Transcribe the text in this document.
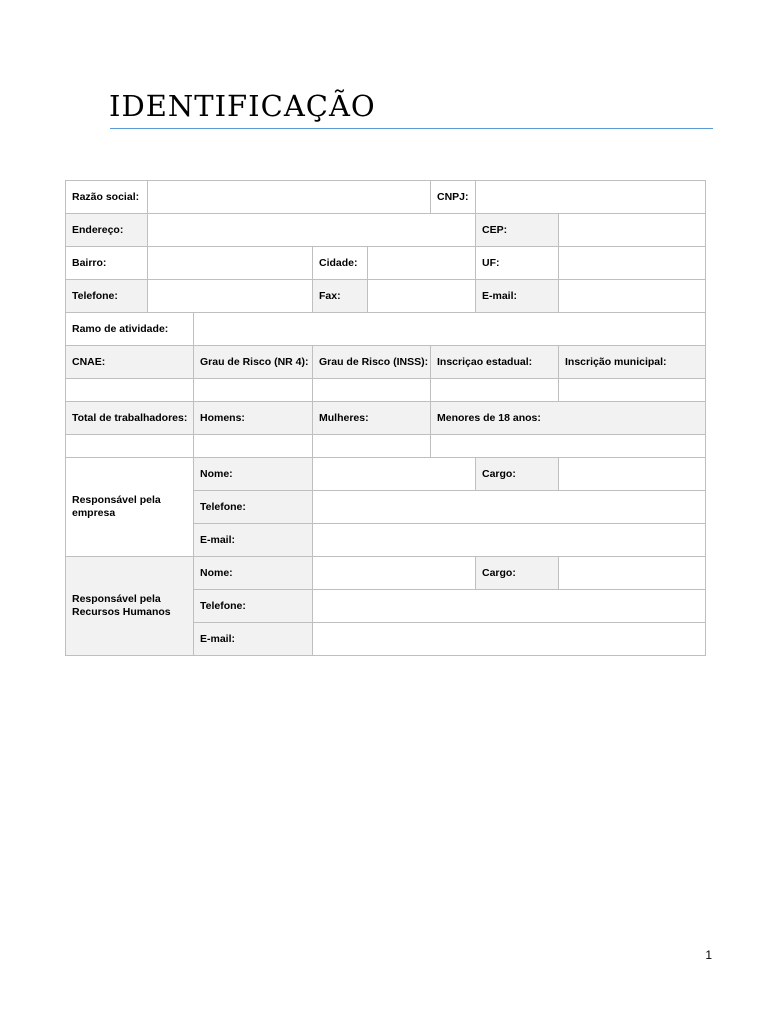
IDENTIFICAÇÃO
Razão social:					CNPJ:		
Endereço:						CEP:	
Bairro:			Cidade:			UF:	
Telefone:			Fax:			E-mail:	
Ramo de atividade:							
CNAE:		Grau de Risco (NR 4):	Grau de Risco (INSS):		Inscriçao estadual:		Inscrição municipal:

Total de trabalhadores:		Homens:	Mulheres:		Menores de 18 anos:		

Responsável pela empresa		Nome:				Cargo:	
		Telefone:					
		E-mail:					
Responsável pela Recursos Humanos		Nome:				Cargo:	
		Telefone:					
		E-mail:					
1
